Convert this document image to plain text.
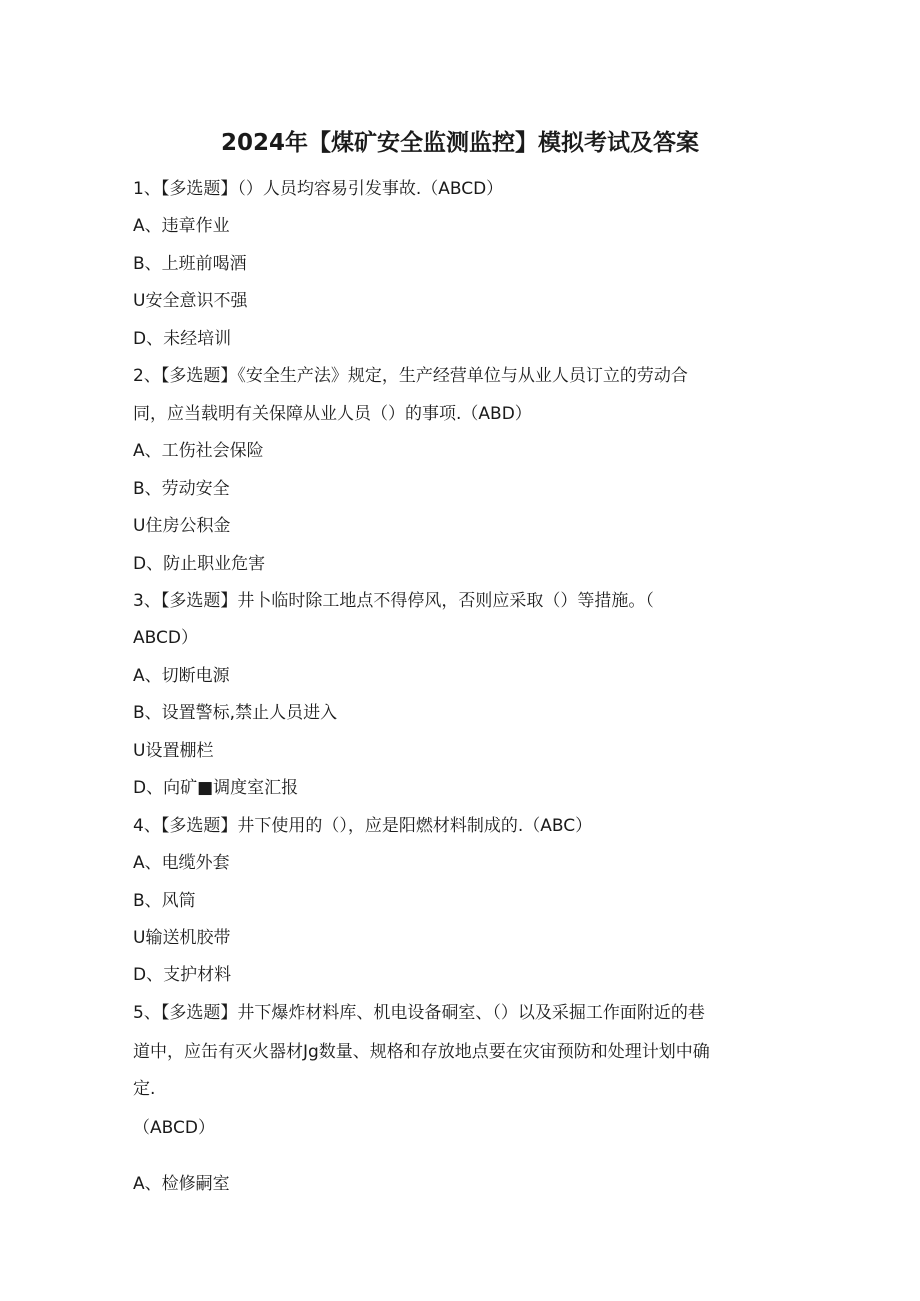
2024年【煤矿安全监测监控】模拟考试及答案
1、【多选题】（）人员均容易引发事故.（ABCD）
A、违章作业
B、上班前喝酒
U安全意识不强
D、未经培训
2、【多选题】《安全生产法》规定，生产经营单位与从业人员订立的劳动合
同，应当载明有关保障从业人员（）的事项.（ABD）
A、工伤社会保险
B、劳动安全
U住房公积金
D、防止职业危害
3、【多选题】井卜临时除工地点不得停风，否则应采取（）等措施。（
ABCD）
A、切断电源
B、设置警标,禁止人员进入
U设置棚栏
D、向矿■调度室汇报
4、【多选题】井下使用的（），应是阳燃材料制成的.（ABC）
A、电缆外套
B、风筒
U输送机胶带
D、支护材料
5、【多选题】井下爆炸材料库、机电设备硐室、（）以及采掘工作面附近的巷
道中，应缶有灭火器材Jg数量、规格和存放地点要在灾宙预防和处理计划中确
定.
（ABCD）
A、检修嗣室
